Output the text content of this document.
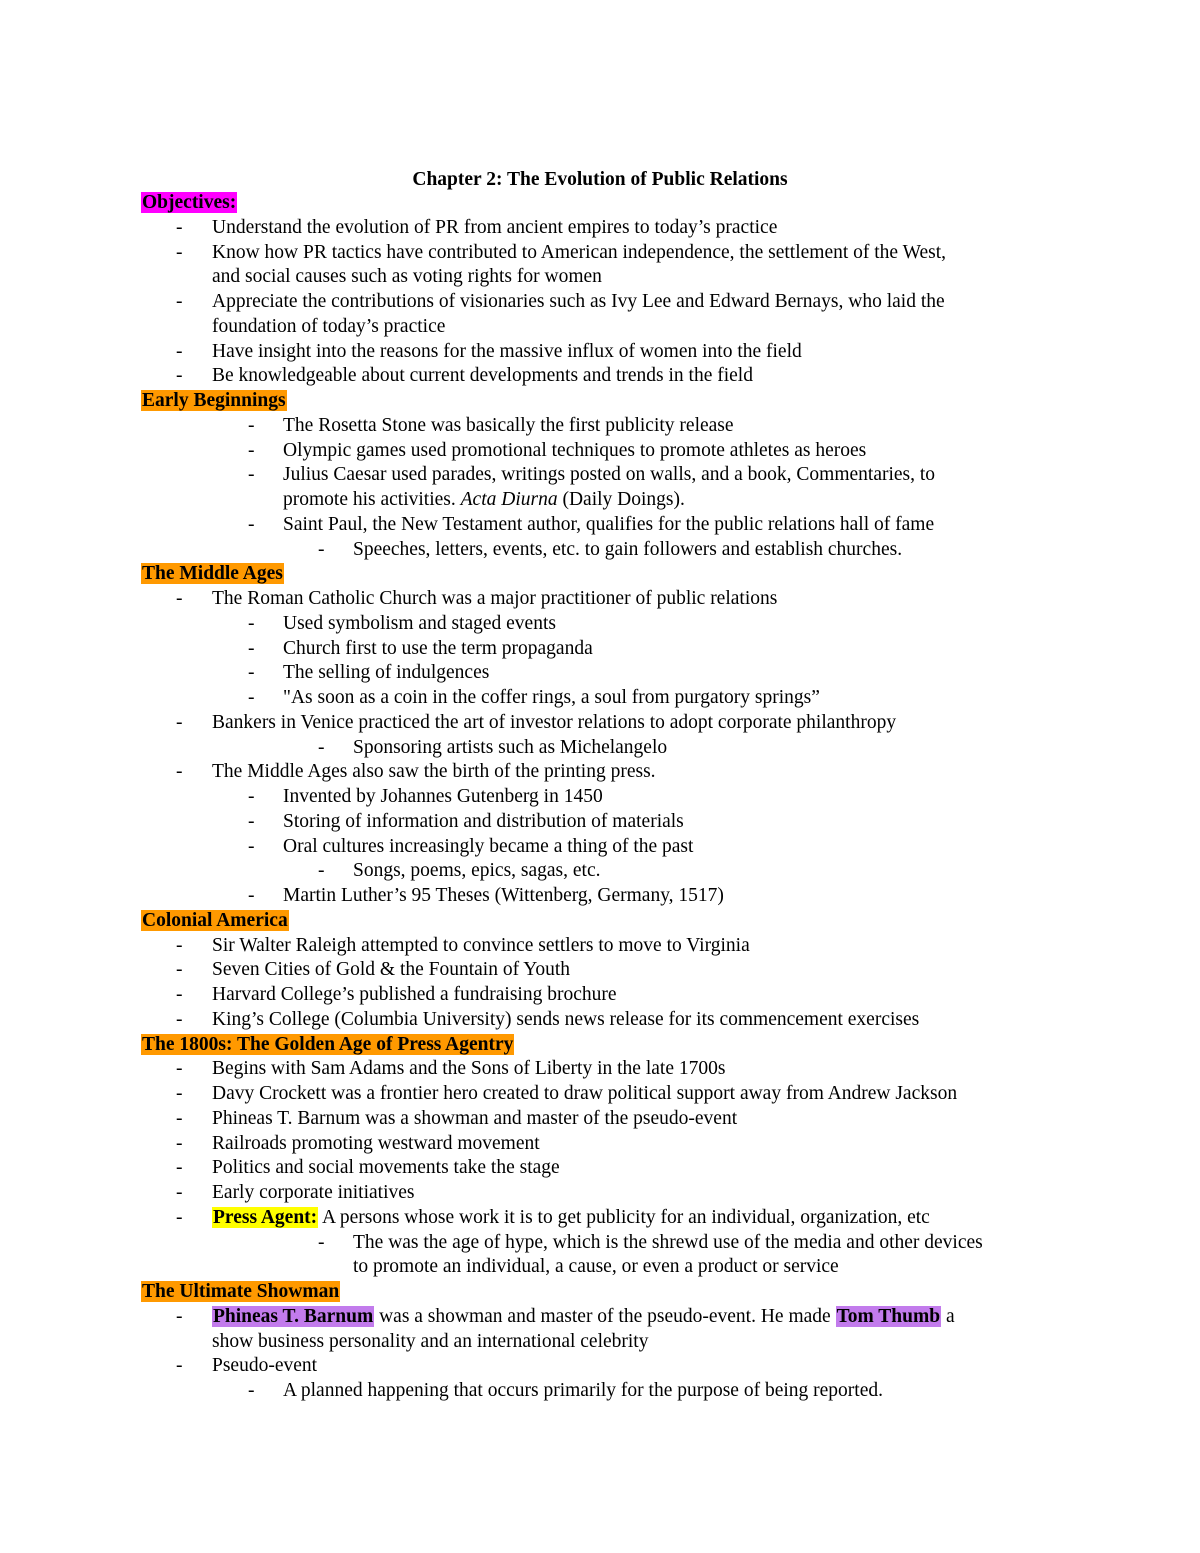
Chapter 2: The Evolution of Public Relations
Objectives:
- Understand the evolution of PR from ancient empires to today’s practice
- Know how PR tactics have contributed to American independence, the settlement of the West,
and social causes such as voting rights for women
- Appreciate the contributions of visionaries such as Ivy Lee and Edward Bernays, who laid the
foundation of today’s practice
- Have insight into the reasons for the massive influx of women into the field
- Be knowledgeable about current developments and trends in the field
Early Beginnings
- The Rosetta Stone was basically the first publicity release
- Olympic games used promotional techniques to promote athletes as heroes
- Julius Caesar used parades, writings posted on walls, and a book, Commentaries, to
promote his activities. Acta Diurna (Daily Doings).
- Saint Paul, the New Testament author, qualifies for the public relations hall of fame
- Speeches, letters, events, etc. to gain followers and establish churches.
The Middle Ages
- The Roman Catholic Church was a major practitioner of public relations
- Used symbolism and staged events
- Church first to use the term propaganda
- The selling of indulgences
- "As soon as a coin in the coffer rings, a soul from purgatory springs”
- Bankers in Venice practiced the art of investor relations to adopt corporate philanthropy
- Sponsoring artists such as Michelangelo
- The Middle Ages also saw the birth of the printing press.
- Invented by Johannes Gutenberg in 1450
- Storing of information and distribution of materials
- Oral cultures increasingly became a thing of the past
- Songs, poems, epics, sagas, etc.
- Martin Luther’s 95 Theses (Wittenberg, Germany, 1517)
Colonial America
- Sir Walter Raleigh attempted to convince settlers to move to Virginia
- Seven Cities of Gold & the Fountain of Youth
- Harvard College’s published a fundraising brochure
- King’s College (Columbia University) sends news release for its commencement exercises
The 1800s: The Golden Age of Press Agentry
- Begins with Sam Adams and the Sons of Liberty in the late 1700s
- Davy Crockett was a frontier hero created to draw political support away from Andrew Jackson
- Phineas T. Barnum was a showman and master of the pseudo-event
- Railroads promoting westward movement
- Politics and social movements take the stage
- Early corporate initiatives
- Press Agent: A persons whose work it is to get publicity for an individual, organization, etc
- The was the age of hype, which is the shrewd use of the media and other devices
to promote an individual, a cause, or even a product or service
The Ultimate Showman
- Phineas T. Barnum was a showman and master of the pseudo-event. He made Tom Thumb a
show business personality and an international celebrity
- Pseudo-event
- A planned happening that occurs primarily for the purpose of being reported.
